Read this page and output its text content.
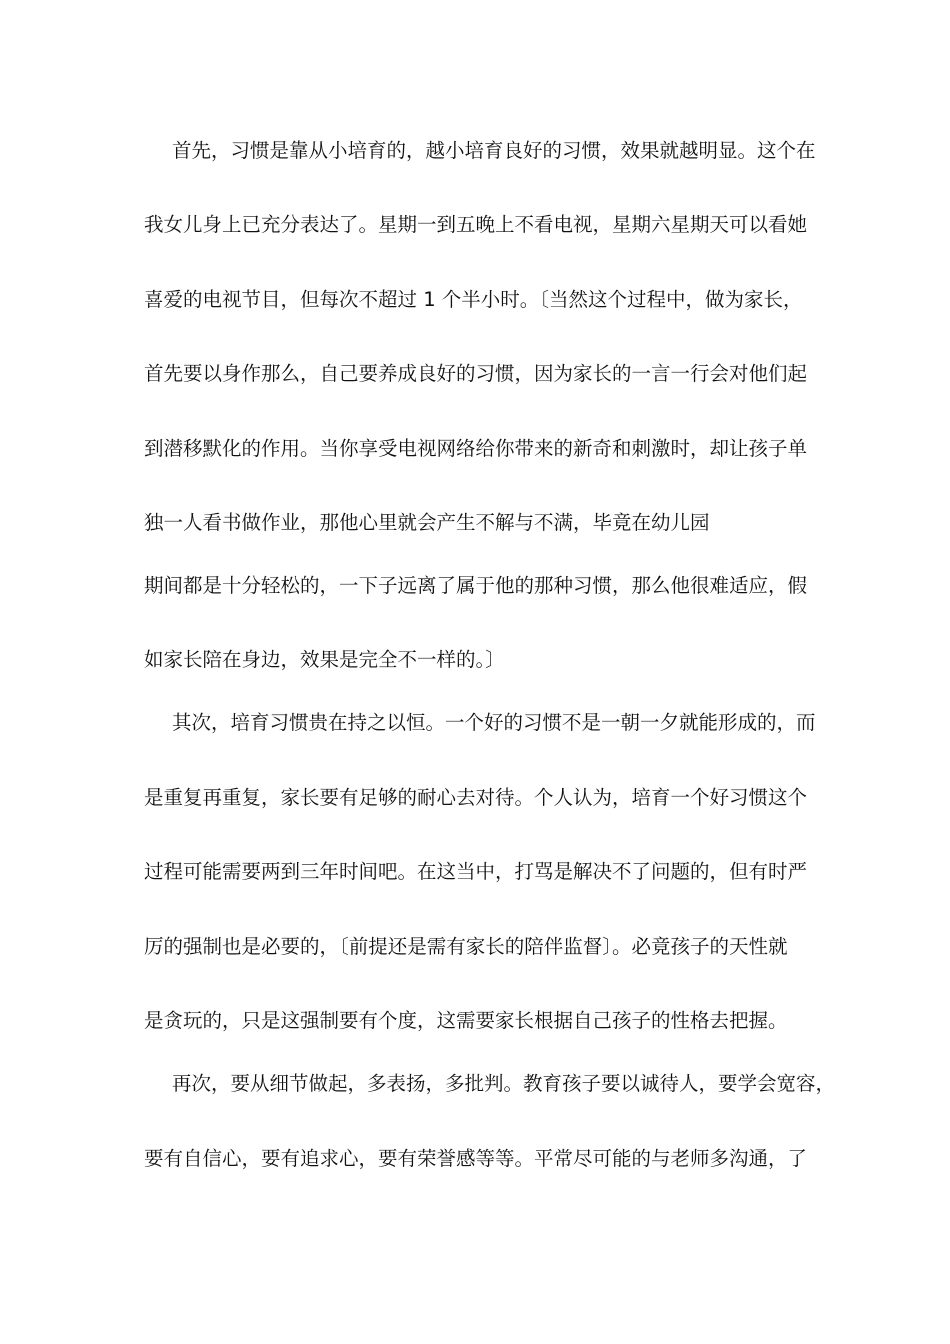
首先，习惯是靠从小培育的，越小培育良好的习惯，效果就越明显。这个在
我女儿身上已充分表达了。星期一到五晚上不看电视，星期六星期天可以看她
喜爱的电视节目，但每次不超过 1 个半小时。〔当然这个过程中，做为家长，
首先要以身作那么，自己要养成良好的习惯，因为家长的一言一行会对他们起
到潜移默化的作用。当你享受电视网络给你带来的新奇和刺激时，却让孩子单
独一人看书做作业，那他心里就会产生不解与不满，毕竟在幼儿园
期间都是十分轻松的，一下子远离了属于他的那种习惯，那么他很难适应，假
如家长陪在身边，效果是完全不一样的。〕
其次，培育习惯贵在持之以恒。一个好的习惯不是一朝一夕就能形成的，而
是重复再重复，家长要有足够的耐心去对待。个人认为，培育一个好习惯这个
过程可能需要两到三年时间吧。在这当中，打骂是解决不了问题的，但有时严
厉的强制也是必要的，〔前提还是需有家长的陪伴监督〕。必竟孩子的天性就
是贪玩的，只是这强制要有个度，这需要家长根据自己孩子的性格去把握。
再次，要从细节做起，多表扬，多批判。教育孩子要以诚待人，要学会宽容，
要有自信心，要有追求心，要有荣誉感等等。平常尽可能的与老师多沟通，了
